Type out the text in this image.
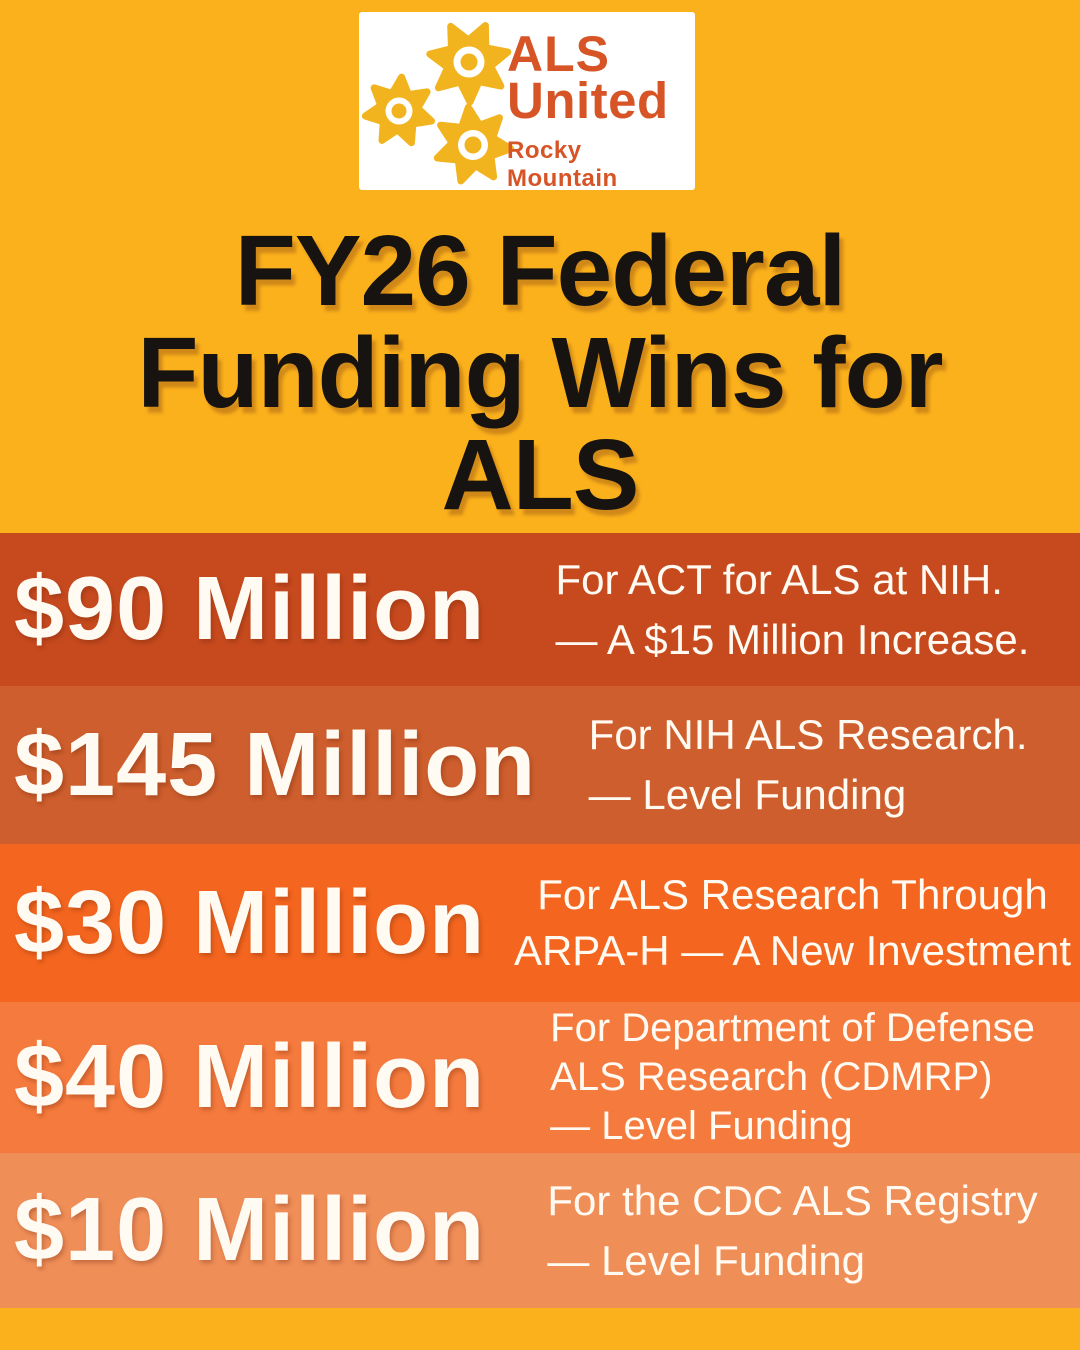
ALS
United
Rocky Mountain
FY26 Federal
Funding Wins for
ALS
$90 Million	For ACT for ALS at NIH.
— A $15 Million Increase.
$145 Million For NIH ALS Research.
— Level Funding
$30 Million	For ALS Research Through
ARPA-H — A New Investment
$40 Million	For Department of Defense
ALS Research (CDMRP)
— Level Funding
$10 Million	For the CDC ALS Registry
— Level Funding
